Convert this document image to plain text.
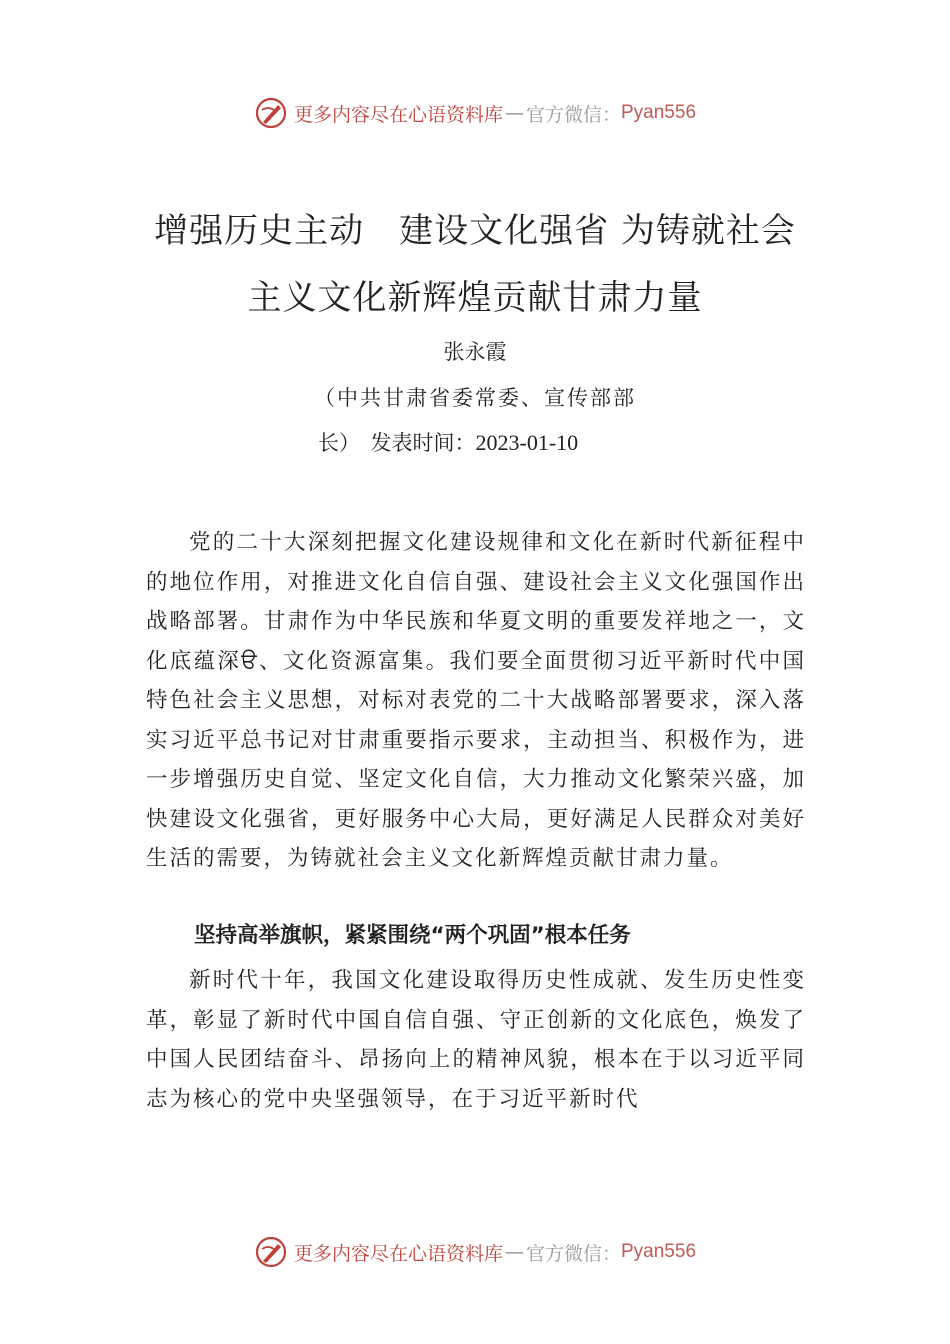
更多内容尽在心语资料库 — 官方微信： Pyan556
增强历史主动　建设文化强省 为铸就社会
主义文化新辉煌贡献甘肃力量
张永霞
（中共甘肃省委常委、宣传部部
长）　发表时间：2023-01-10

党的二十大深刻把握文化建设规律和文化在新时代新征程中的地位作用，对推进文化自信自强、建设社会主义文化强国作出战略部署。甘肃作为中华民族和华夏文明的重要发祥地之一，文化底蕴深ੳ、文化资源富集。我们要全面贯彻习近平新时代中国特色社会主义思想，对标对表党的二十大战略部署要求，深入落实习近平总书记对甘肃重要指示要求，主动担当、积极作为，进一步增强历史自觉、坚定文化自信，大力推动文化繁荣兴盛，加快建设文化强省，更好服务中心大局，更好满足人民群众对美好生活的需要，为铸就社会主义文化新辉煌贡献甘肃力量。

坚持高举旗帜，紧紧围绕“两个巩固”根本任务

新时代十年，我国文化建设取得历史性成就、发生历史性变革，彰显了新时代中国自信自强、守正创新的文化底色，焕发了中国人民团结奋斗、昂扬向上的精神风貌，根本在于以习近平同志为核心的党中央坚强领导，在于习近平新时代

更多内容尽在心语资料库 — 官方微信： Pyan556
